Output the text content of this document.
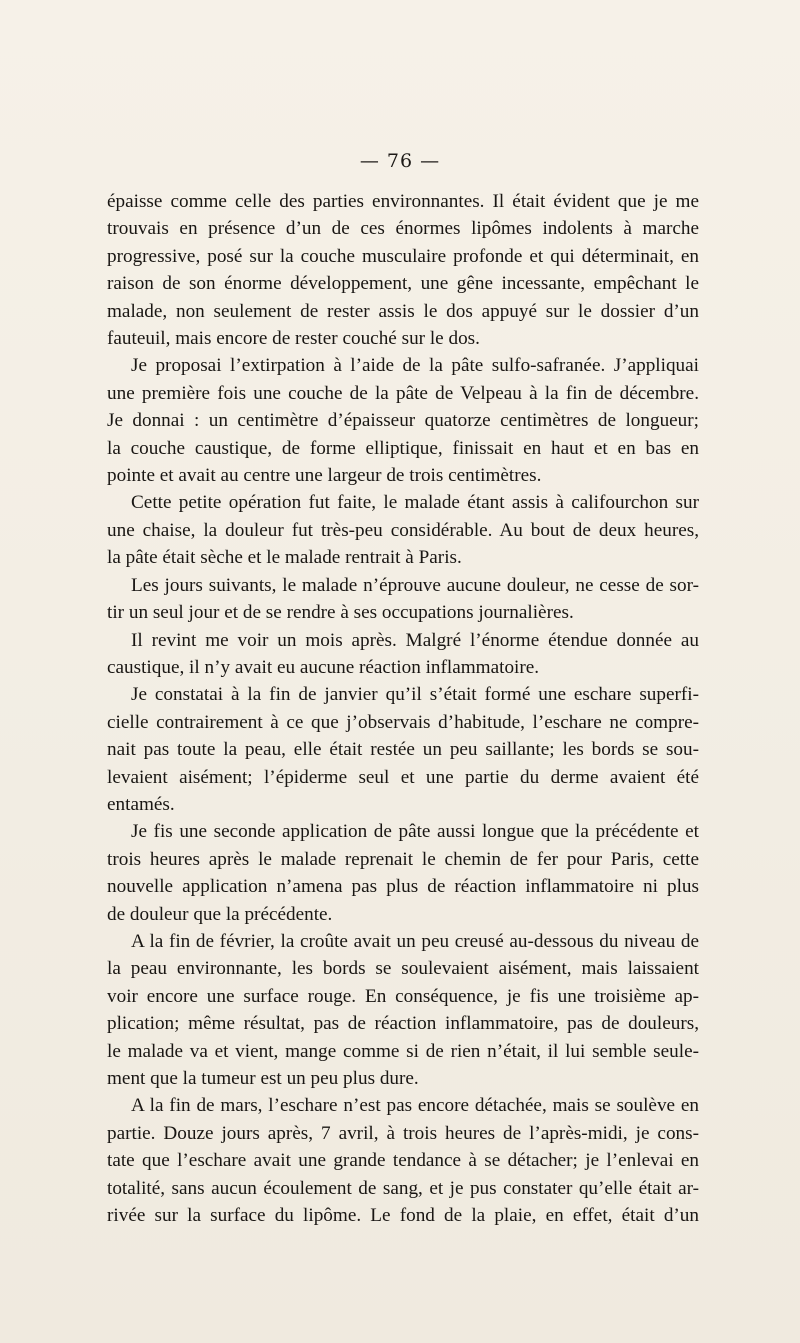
— 76 —
épaisse comme celle des parties environnantes. Il était évident que je me
trouvais en présence d’un de ces énormes lipômes indolents à marche
progressive, posé sur la couche musculaire profonde et qui déterminait, en
raison de son énorme développement, une gêne incessante, empêchant le
malade, non seulement de rester assis le dos appuyé sur le dossier d’un
fauteuil, mais encore de rester couché sur le dos.
Je proposai l’extirpation à l’aide de la pâte sulfo-safranée. J’appliquai
une première fois une couche de la pâte de Velpeau à la fin de décembre.
Je donnai : un centimètre d’épaisseur quatorze centimètres de longueur;
la couche caustique, de forme elliptique, finissait en haut et en bas en
pointe et avait au centre une largeur de trois centimètres.
Cette petite opération fut faite, le malade étant assis à califourchon sur
une chaise, la douleur fut très-peu considérable. Au bout de deux heures,
la pâte était sèche et le malade rentrait à Paris.
Les jours suivants, le malade n’éprouve aucune douleur, ne cesse de sor-
tir un seul jour et de se rendre à ses occupations journalières.
Il revint me voir un mois après. Malgré l’énorme étendue donnée au
caustique, il n’y avait eu aucune réaction inflammatoire.
Je constatai à la fin de janvier qu’il s’était formé une eschare superfi-
cielle contrairement à ce que j’observais d’habitude, l’eschare ne compre-
nait pas toute la peau, elle était restée un peu saillante; les bords se sou-
levaient aisément; l’épiderme seul et une partie du derme avaient été
entamés.
Je fis une seconde application de pâte aussi longue que la précédente et
trois heures après le malade reprenait le chemin de fer pour Paris, cette
nouvelle application n’amena pas plus de réaction inflammatoire ni plus
de douleur que la précédente.
A la fin de février, la croûte avait un peu creusé au-dessous du niveau de
la peau environnante, les bords se soulevaient aisément, mais laissaient
voir encore une surface rouge. En conséquence, je fis une troisième ap-
plication; même résultat, pas de réaction inflammatoire, pas de douleurs,
le malade va et vient, mange comme si de rien n’était, il lui semble seule-
ment que la tumeur est un peu plus dure.
A la fin de mars, l’eschare n’est pas encore détachée, mais se soulève en
partie. Douze jours après, 7 avril, à trois heures de l’après-midi, je cons-
tate que l’eschare avait une grande tendance à se détacher; je l’enlevai en
totalité, sans aucun écoulement de sang, et je pus constater qu’elle était ar-
rivée sur la surface du lipôme. Le fond de la plaie, en effet, était d’un
